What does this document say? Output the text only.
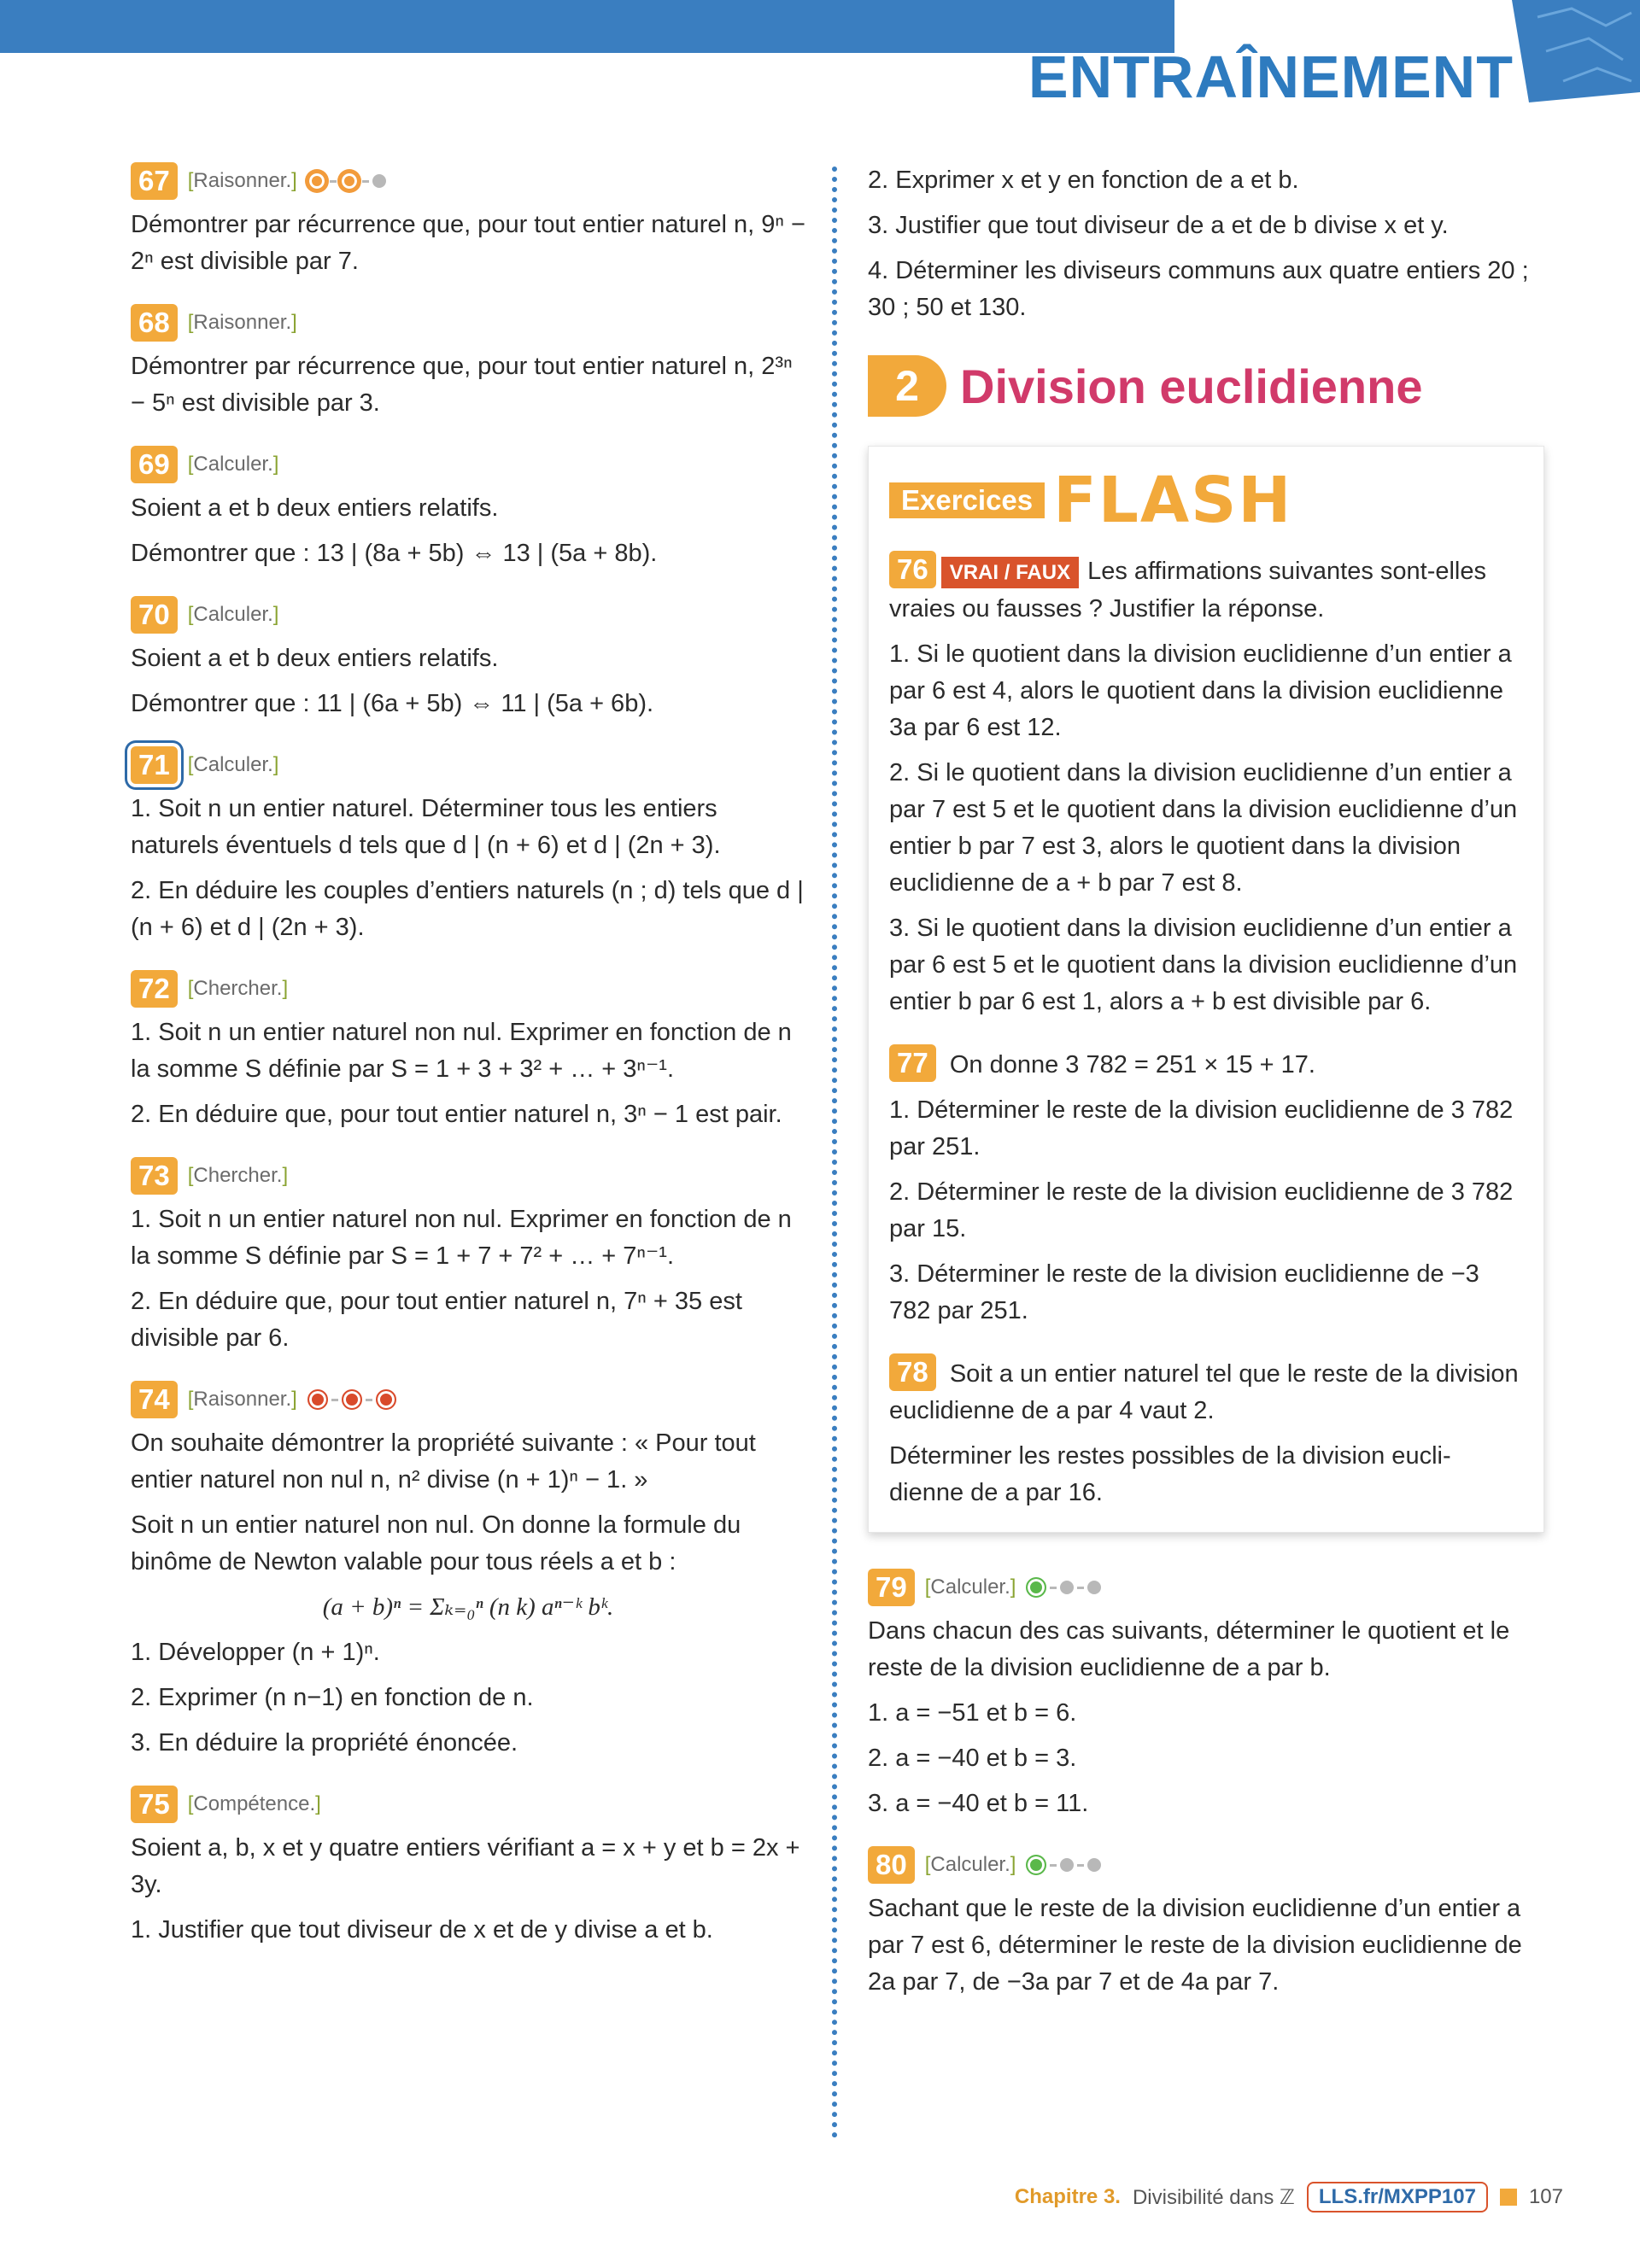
ENTRAÎNEMENT
67 [Raisonner.]

Démontrer par récurrence que, pour tout entier naturel n, 9ⁿ − 2ⁿ est divisible par 7.

68 [Raisonner.]

Démontrer par récurrence que, pour tout entier naturel n, 2³ⁿ − 5ⁿ est divisible par 3.

69 [Calculer.]

Soient a et b deux entiers relatifs.

Démontrer que : 13 | (8a + 5b) ⇔ 13 | (5a + 8b).

70 [Calculer.]

Soient a et b deux entiers relatifs.

Démontrer que : 11 | (6a + 5b) ⇔ 11 | (5a + 6b).

71 [Calculer.]

1. Soit n un entier naturel. Déterminer tous les entiers naturels éventuels d tels que d | (n + 6) et d | (2n + 3).

2. En déduire les couples d’entiers naturels (n ; d) tels que d | (n + 6) et d | (2n + 3).

72 [Chercher.]

1. Soit n un entier naturel non nul. Exprimer en fonction de n la somme S définie par S = 1 + 3 + 3² + … + 3ⁿ⁻¹.

2. En déduire que, pour tout entier naturel n, 3ⁿ − 1 est pair.

73 [Chercher.]

1. Soit n un entier naturel non nul. Exprimer en fonction de n la somme S définie par S = 1 + 7 + 7² + … + 7ⁿ⁻¹.

2. En déduire que, pour tout entier naturel n, 7ⁿ + 35 est divisible par 6.

74 [Raisonner.]

On souhaite démontrer la propriété suivante : « Pour tout entier naturel non nul n, n² divise (n + 1)ⁿ − 1. »

Soit n un entier naturel non nul. On donne la formule du binôme de Newton valable pour tous réels a et b :

(a + b)ⁿ = Σₖ₌₀ⁿ (n k) aⁿ⁻ᵏ bᵏ.

1. Développer (n + 1)ⁿ.

2. Exprimer (n n−1) en fonction de n.

3. En déduire la propriété énoncée.

75 [Compétence.]

Soient a, b, x et y quatre entiers vérifiant a = x + y et b = 2x + 3y.

1. Justifier que tout diviseur de x et de y divise a et b.

2. Exprimer x et y en fonction de a et b.

3. Justifier que tout diviseur de a et de b divise x et y.

4. Déterminer les diviseurs communs aux quatre entiers 20 ; 30 ; 50 et 130.

2 Division euclidienne
Exercices FLASH

76 VRAI / FAUX Les affirmations suivantes sont-elles vraies ou fausses ? Justifier la réponse.

1. Si le quotient dans la division euclidienne d’un entier a par 6 est 4, alors le quotient dans la division euclidienne 3a par 6 est 12.

2. Si le quotient dans la division euclidienne d’un entier a par 7 est 5 et le quotient dans la division euclidienne d’un entier b par 7 est 3, alors le quotient dans la division euclidienne de a + b par 7 est 8.

3. Si le quotient dans la division euclidienne d’un entier a par 6 est 5 et le quotient dans la division euclidienne d’un entier b par 6 est 1, alors a + b est divisible par 6.

77 On donne 3 782 = 251 × 15 + 17.

1. Déterminer le reste de la division euclidienne de 3 782 par 251.

2. Déterminer le reste de la division euclidienne de 3 782 par 15.

3. Déterminer le reste de la division euclidienne de −3 782 par 251.

78 Soit a un entier naturel tel que le reste de la division euclidienne de a par 4 vaut 2.

Déterminer les restes possibles de la division eucli-dienne de a par 16.

79 [Calculer.]

Dans chacun des cas suivants, déterminer le quotient et le reste de la division euclidienne de a par b.

1. a = −51 et b = 6.

2. a = −40 et b = 3.

3. a = −40 et b = 11.

80 [Calculer.]

Sachant que le reste de la division euclidienne d’un entier a par 7 est 6, déterminer le reste de la division euclidienne de 2a par 7, de −3a par 7 et de 4a par 7.

Chapitre 3. Divisibilité dans ℤ	LLS.fr/MXPP107	107
